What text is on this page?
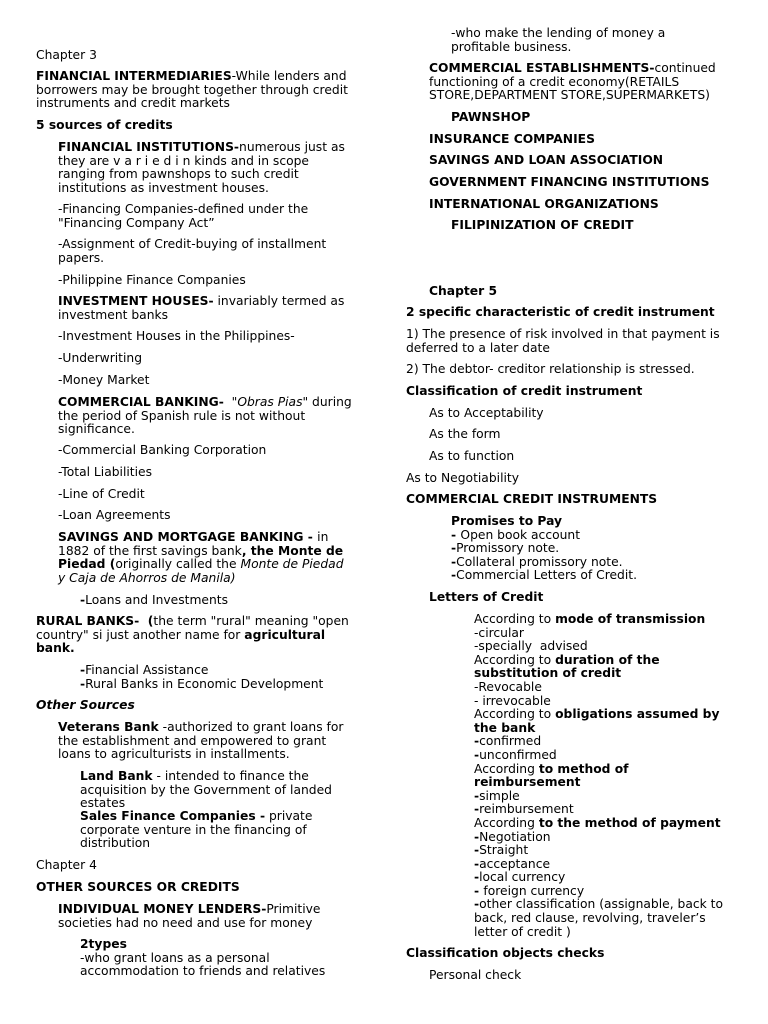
Chapter 3
FINANCIAL INTERMEDIARIES-While lenders and
borrowers may be brought together through credit
instruments and credit markets
5 sources of credits
FINANCIAL INSTITUTIONS-numerous just as
they are v a r i e d i n kinds and in scope
ranging from pawnshops to such credit
institutions as investment houses.
-Financing Companies-defined under the
"Financing Company Act”
-Assignment of Credit-buying of installment
papers.
-Philippine Finance Companies
INVESTMENT HOUSES- invariably termed as
investment banks
-Investment Houses in the Philippines-
-Underwriting
-Money Market
COMMERCIAL BANKING-  "Obras Pias" during
the period of Spanish rule is not without
significance.
-Commercial Banking Corporation
-Total Liabilities
-Line of Credit
-Loan Agreements
SAVINGS AND MORTGAGE BANKING - in
1882 of the first savings bank, the Monte de
Piedad (originally called the Monte de Piedad
y Caja de Ahorros de Manila)
-Loans and Investments
RURAL BANKS-  (the term "rural" meaning "open
country" si just another name for agricultural
bank.
-Financial Assistance
-Rural Banks in Economic Development
Other Sources
Veterans Bank -authorized to grant loans for
the establishment and empowered to grant
loans to agriculturists in installments.
Land Bank - intended to finance the
acquisition by the Government of landed
estates
Sales Finance Companies - private
corporate venture in the financing of
distribution
Chapter 4
OTHER SOURCES OR CREDITS
INDIVIDUAL MONEY LENDERS-Primitive
societies had no need and use for money
2types
-who grant loans as a personal
accommodation to friends and relatives
-who make the lending of money a
profitable business.
COMMERCIAL ESTABLISHMENTS-continued
functioning of a credit economy(RETAILS
STORE,DEPARTMENT STORE,SUPERMARKETS)
PAWNSHOP
INSURANCE COMPANIES
SAVINGS AND LOAN ASSOCIATION
GOVERNMENT FINANCING INSTITUTIONS
INTERNATIONAL ORGANIZATIONS
FILIPINIZATION OF CREDIT
Chapter 5
2 specific characteristic of credit instrument
1) The presence of risk involved in that payment is
deferred to a later date
2) The debtor- creditor relationship is stressed.
Classification of credit instrument
As to Acceptability
As the form
As to function
As to Negotiability
COMMERCIAL CREDIT INSTRUMENTS
Promises to Pay
- Open book account
-Promissory note.
-Collateral promissory note.
-Commercial Letters of Credit.
Letters of Credit
According to mode of transmission
-circular
-specially  advised
According to duration of the
substitution of credit
-Revocable
- irrevocable
According to obligations assumed by
the bank
-confirmed
-unconfirmed
According to method of
reimbursement
-simple
-reimbursement
According to the method of payment
-Negotiation
-Straight
-acceptance
-local currency
- foreign currency
-other classification (assignable, back to
back, red clause, revolving, traveler’s
letter of credit )
Classification objects checks
Personal check
